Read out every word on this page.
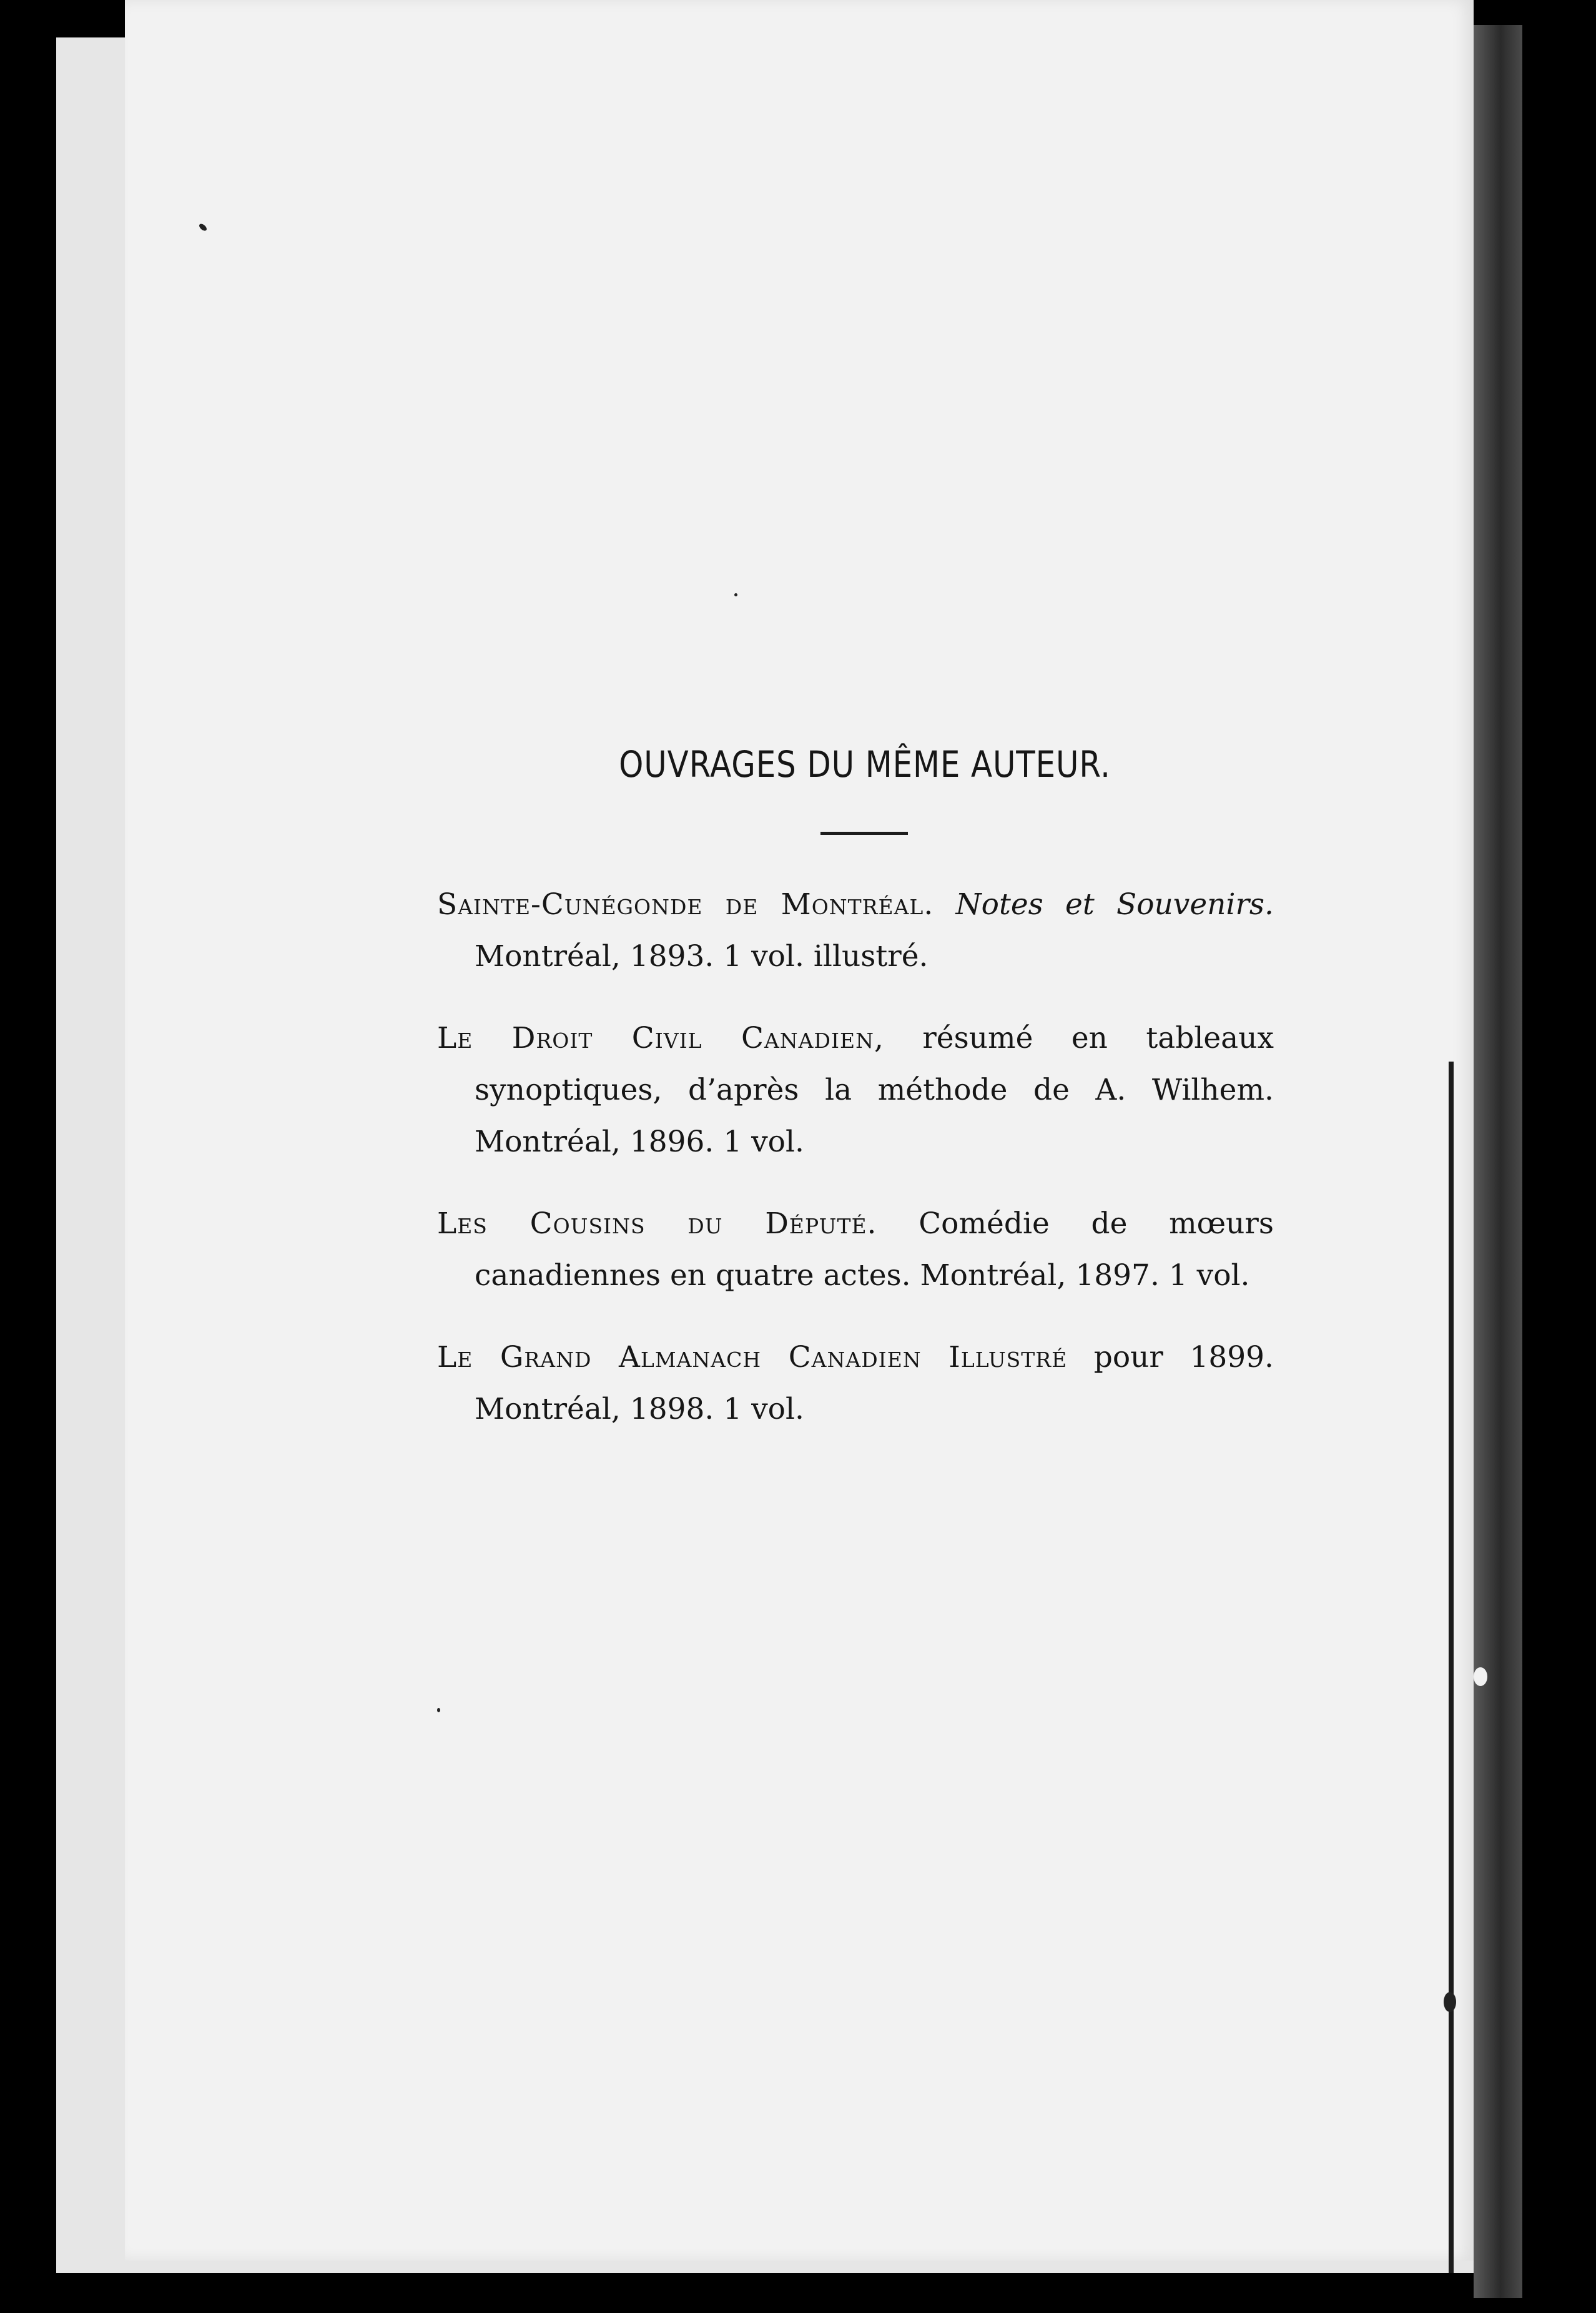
OUVRAGES DU MÊME AUTEUR.

Sainte-Cunégonde de Montréal. Notes et Souvenirs. Montréal, 1893. 1 vol. illustré.

Le Droit Civil Canadien, résumé en tableaux synoptiques, d’après la méthode de A. Wilhem. Montréal, 1896. 1 vol.

Les Cousins du Député. Comédie de mœurs canadiennes en quatre actes. Montréal, 1897. 1 vol.

Le Grand Almanach Canadien Illustré pour 1899. Montréal, 1898. 1 vol.
